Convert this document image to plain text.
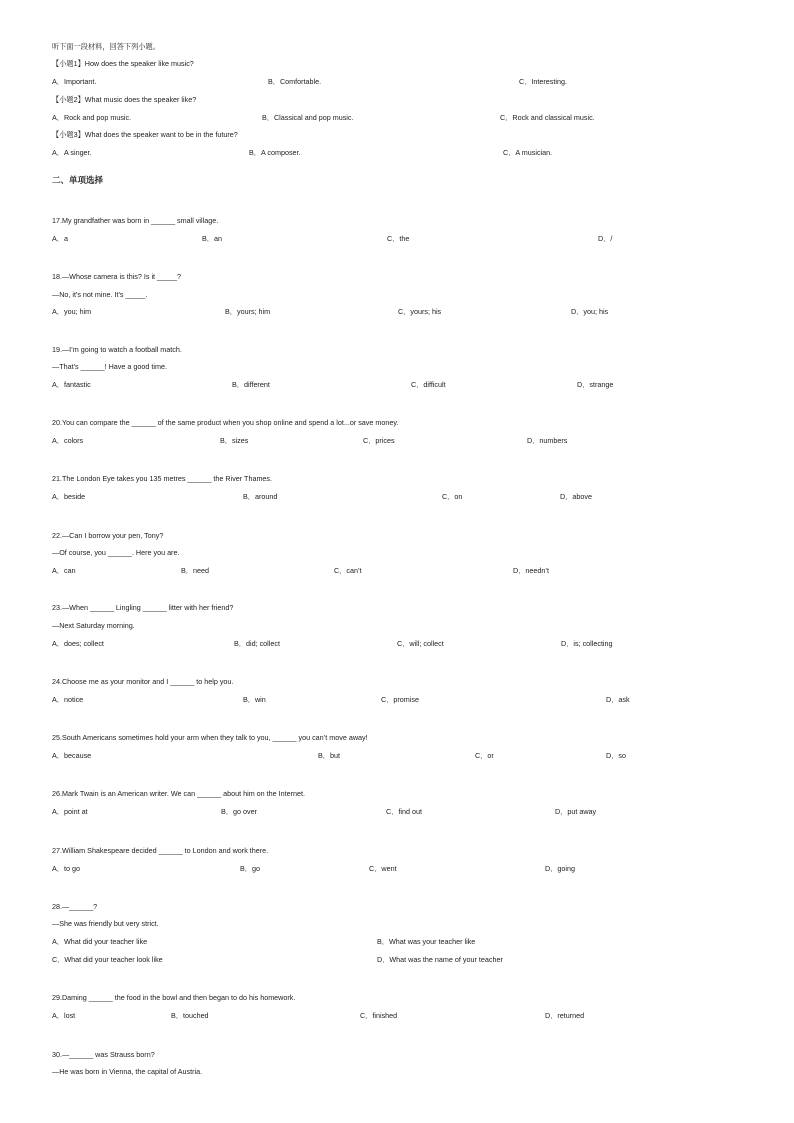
听下面一段材料，回答下列小题。
【小题1】How does the speaker like music?
A．Important.	B．Comfortable.	C．Interesting.
【小题2】What music does the speaker like?
A．Rock and pop music.	B．Classical and pop music.	C．Rock and classical music.
【小题3】What does the speaker want to be in the future?
A．A singer.	B．A composer.	C．A musician.
二、单项选择
17.My grandfather was born in ______ small village.
A．a	B．an	C．the	D．/
18.—Whose camera is this? Is it _____?
—No, it's not mine. It's _____.
A．you; him	B．yours; him	C．yours; his	D．you; his
19.—I’m going to watch a football match.
—That’s ______! Have a good time.
A．fantastic	B．different	C．difficult	D．strange
20.You can compare the ______ of the same product when you shop online and spend a lot...or save money.
A．colors	B．sizes	C．prices	D．numbers
21.The London Eye takes you 135 metres ______ the River Thames.
A．beside	B．around	C．on	D．above
22.—Can I borrow your pen, Tony?
—Of course, you ______. Here you are.
A．can	B．need	C．can’t	D．needn’t
23.—When ______ Lingling ______ litter with her friend?
—Next Saturday morning.
A．does; collect	B．did; collect	C．will; collect	D．is; collecting
24.Choose me as your monitor and I ______ to help you.
A．notice	B．win	C．promise	D．ask
25.South Americans sometimes hold your arm when they talk to you, ______ you can’t move away!
A．because	B．but	C．or	D．so
26.Mark Twain is an American writer. We can ______ about him on the Internet.
A．point at	B．go over	C．find out	D．put away
27.William Shakespeare decided ______ to London and work there.
A．to go	B．go	C．went	D．going
28.—______?
—She was friendly but very strict.
A．What did your teacher like	B．What was your teacher like
C．What did your teacher look like	D．What was the name of your teacher
29.Daming ______ the food in the bowl and then began to do his homework.
A．lost	B．touched	C．finished	D．returned
30.—______ was Strauss born?
—He was born in Vienna, the capital of Austria.
